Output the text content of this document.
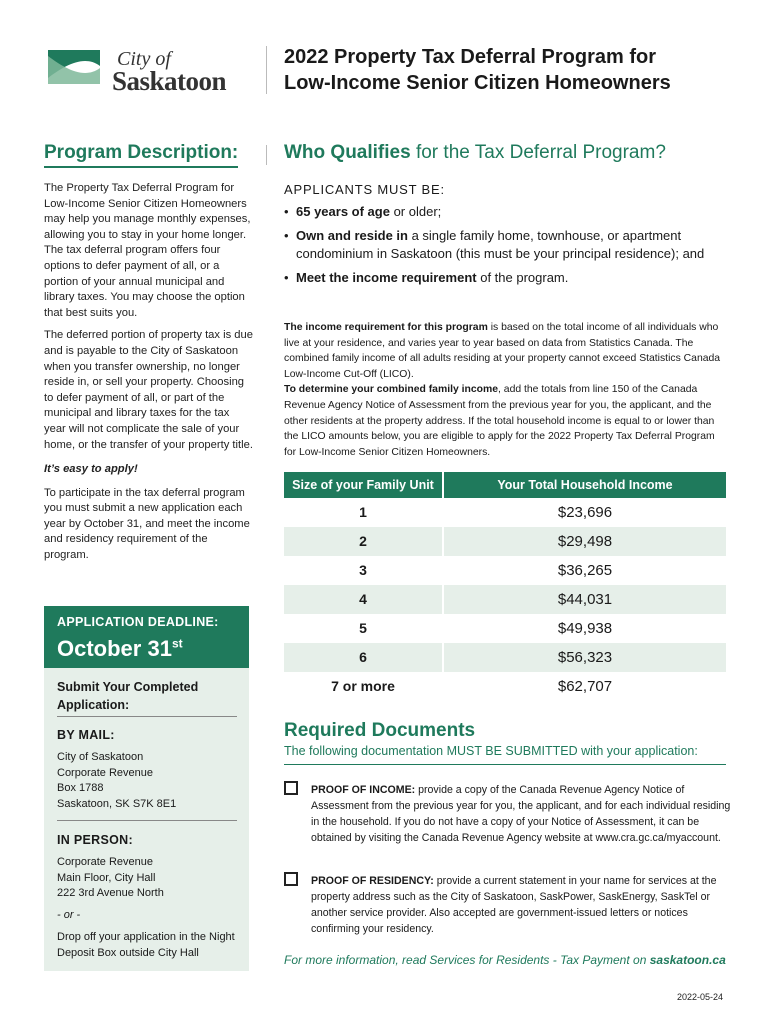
City of
Saskatoon
2022 Property Tax Deferral Program for
Low-Income Senior Citizen Homeowners
Program Description:

The Property Tax Deferral Program for Low-Income Senior Citizen Homeowners may help you manage monthly expenses, allowing you to stay in your home longer. The tax deferral program offers four options to defer payment of all, or a portion of your annual municipal and library taxes. You may choose the option that best suits you.

The deferred portion of property tax is due and is payable to the City of Saskatoon when you transfer ownership, no longer reside in, or sell your property. Choosing to defer payment of all, or part of the municipal and library taxes for the tax year will not complicate the sale of your home, or the transfer of your property title.

It’s easy to apply!

To participate in the tax deferral program you must submit a new application each year by October 31, and meet the income and residency requirement of the program.

APPLICATION DEADLINE:
October 31st
Submit Your Completed Application:
BY MAIL:
City of Saskatoon
Corporate Revenue
Box 1788
Saskatoon, SK S7K 8E1
IN PERSON:
Corporate Revenue
Main Floor, City Hall
222 3rd Avenue North
- or -
Drop off your application in the Night Deposit Box outside City Hall
Who Qualifies for the Tax Deferral Program?
APPLICANTS MUST BE:
• 65 years of age or older;
• Own and reside in a single family home, townhouse, or apartment condominium in Saskatoon (this must be your principal residence); and
• Meet the income requirement of the program.

The income requirement for this program is based on the total income of all individuals who live at your residence, and varies year to year based on data from Statistics Canada. The combined family income of all adults residing at your property cannot exceed Statistics Canada Low-Income Cut-Off (LICO).

To determine your combined family income, add the totals from line 150 of the Canada Revenue Agency Notice of Assessment from the previous year for you, the applicant, and the other residents at the property address. If the total household income is equal to or lower than the LICO amounts below, you are eligible to apply for the 2022 Property Tax Deferral Program for Low-Income Senior Citizen Homeowners.

Size of your Family Unit	Your Total Household Income
1	$23,696
2	$29,498
3	$36,265
4	$44,031
5	$49,938
6	$56,323
7 or more	$62,707
Required Documents
The following documentation MUST BE SUBMITTED with your application:
PROOF OF INCOME: provide a copy of the Canada Revenue Agency Notice of Assessment from the previous year for you, the applicant, and for each individual residing in the household. If you do not have a copy of your Notice of Assessment, it can be obtained by visiting the Canada Revenue Agency website at www.cra.gc.ca/myaccount.
PROOF OF RESIDENCY: provide a current statement in your name for services at the property address such as the City of Saskatoon, SaskPower, SaskEnergy, SaskTel or another service provider. Also accepted are government-issued letters or notices confirming your residency.
For more information, read Services for Residents - Tax Payment on saskatoon.ca
2022-05-24
